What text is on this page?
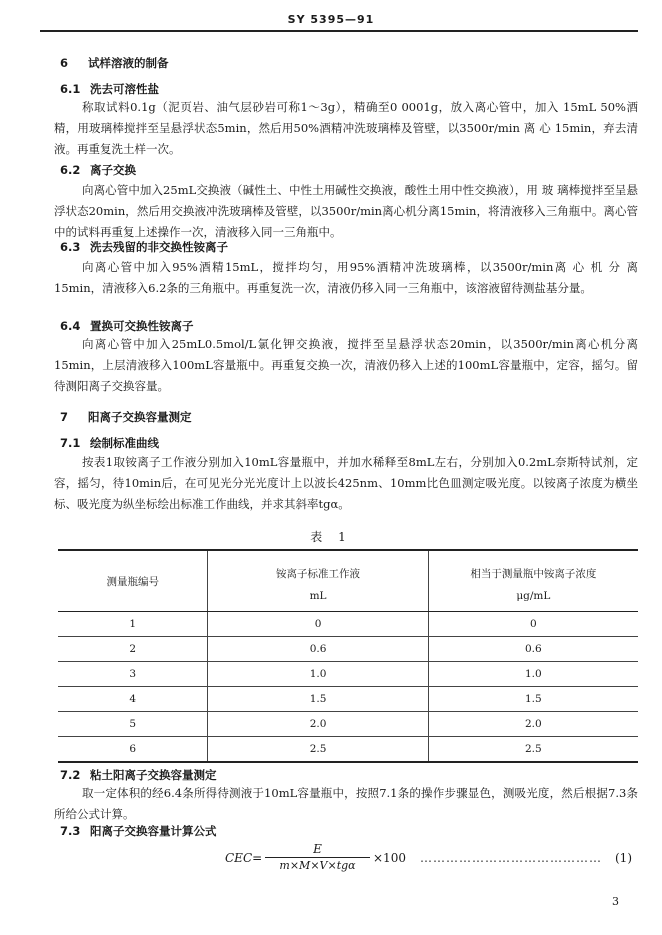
SY 5395—91
6 试样溶液的制备
6.1 洗去可溶性盐
称取试料0.1g（泥页岩、油气层砂岩可称1～3g），精确至0 0001g，放入离心管中，加入 15mL 50%酒精，用玻璃棒搅拌至呈悬浮状态5min，然后用50%酒精冲洗玻璃棒及管壁，以3500r/min 离 心 15min，弃去清液。再重复洗土样一次。
6.2 离子交换
向离心管中加入25mL交换液（碱性土、中性土用碱性交换液，酸性土用中性交换液），用 玻 璃棒搅拌至呈悬浮状态20min，然后用交换液冲洗玻璃棒及管壁，以3500r/min离心机分离15min，将清液移入三角瓶中。离心管中的试料再重复上述操作一次，清液移入同一三角瓶中。
6.3 洗去残留的非交换性铵离子
向离心管中加入95%酒精15mL，搅拌均匀，用95%酒精冲洗玻璃棒，以3500r/min离 心 机 分 离 15min，清液移入6.2条的三角瓶中。再重复洗一次，清液仍移入同一三角瓶中，该溶液留待测盐基分量。
6.4 置换可交换性铵离子
向离心管中加入25mL0.5mol/L氯化钾交换液，搅拌至呈悬浮状态20min，以3500r/min离心机分离15min，上层清液移入100mL容量瓶中。再重复交换一次，清液仍移入上述的100mL容量瓶中，定容，摇匀。留待测阳离子交换容量。
7 阳离子交换容量测定
7.1 绘制标准曲线
按表1取铵离子工作液分别加入10mL容量瓶中，并加水稀释至8mL左右，分别加入0.2mL奈斯特试剂，定容，摇匀，待10min后，在可见光分光光度计上以波长425nm、10mm比色皿测定吸光度。以铵离子浓度为横坐标、吸光度为纵坐标绘出标准工作曲线，并求其斜率tgα。
表 1
测量瓶编号	铵离子标准工作液	相当于测量瓶中铵离子浓度
	mL	μg/mL
1	0	0
2	0.6	0.6
3	1.0	1.0
4	1.5	1.5
5	2.0	2.0
6	2.5	2.5
7.2 粘土阳离子交换容量测定
取一定体积的经6.4条所得待测液于10mL容量瓶中，按照7.1条的操作步骤显色，测吸光度，然后根据7.3条所给公式计算。
7.3 阳离子交换容量计算公式
CEC=
E
m×M×V×tgα
×100 ……………………………………	(1)
3
